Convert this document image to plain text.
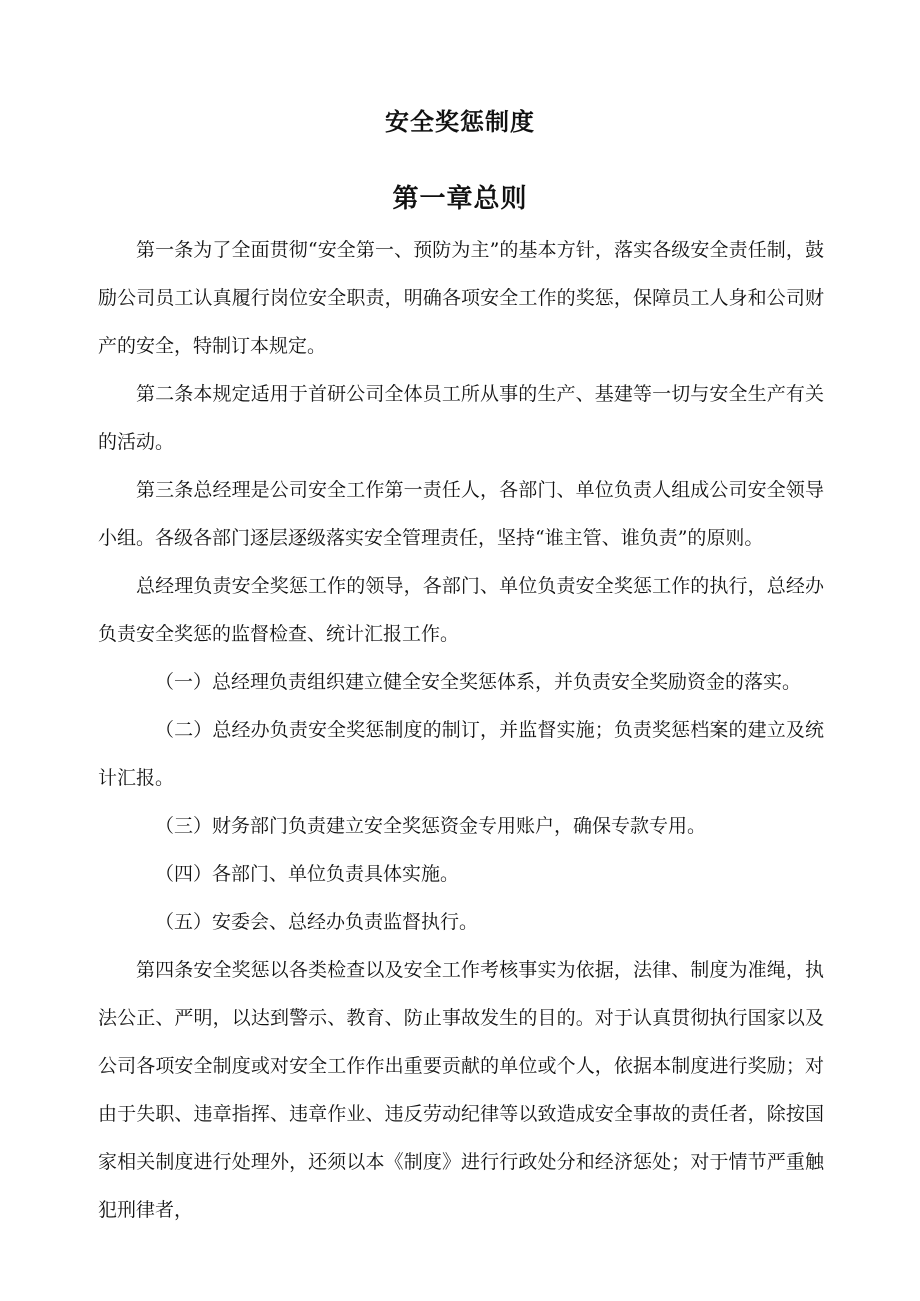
安全奖惩制度
第一章总则

第一条为了全面贯彻“安全第一、预防为主”的基本方针，落实各级安全责任制，鼓励公司员工认真履行岗位安全职责，明确各项安全工作的奖惩，保障员工人身和公司财产的安全，特制订本规定。

第二条本规定适用于首研公司全体员工所从事的生产、基建等一切与安全生产有关的活动。

第三条总经理是公司安全工作第一责任人，各部门、单位负责人组成公司安全领导小组。各级各部门逐层逐级落实安全管理责任，坚持“谁主管、谁负责”的原则。

总经理负责安全奖惩工作的领导，各部门、单位负责安全奖惩工作的执行，总经办负责安全奖惩的监督检查、统计汇报工作。

（一）总经理负责组织建立健全安全奖惩体系，并负责安全奖励资金的落实。

（二）总经办负责安全奖惩制度的制订，并监督实施；负责奖惩档案的建立及统计汇报。

（三）财务部门负责建立安全奖惩资金专用账户，确保专款专用。

（四）各部门、单位负责具体实施。

（五）安委会、总经办负责监督执行。

第四条安全奖惩以各类检查以及安全工作考核事实为依据，法律、制度为准绳，执法公正、严明，以达到警示、教育、防止事故发生的目的。对于认真贯彻执行国家以及公司各项安全制度或对安全工作作出重要贡献的单位或个人，依据本制度进行奖励；对由于失职、违章指挥、违章作业、违反劳动纪律等以致造成安全事故的责任者，除按国家相关制度进行处理外，还须以本《制度》进行行政处分和经济惩处；对于情节严重触犯刑律者，
